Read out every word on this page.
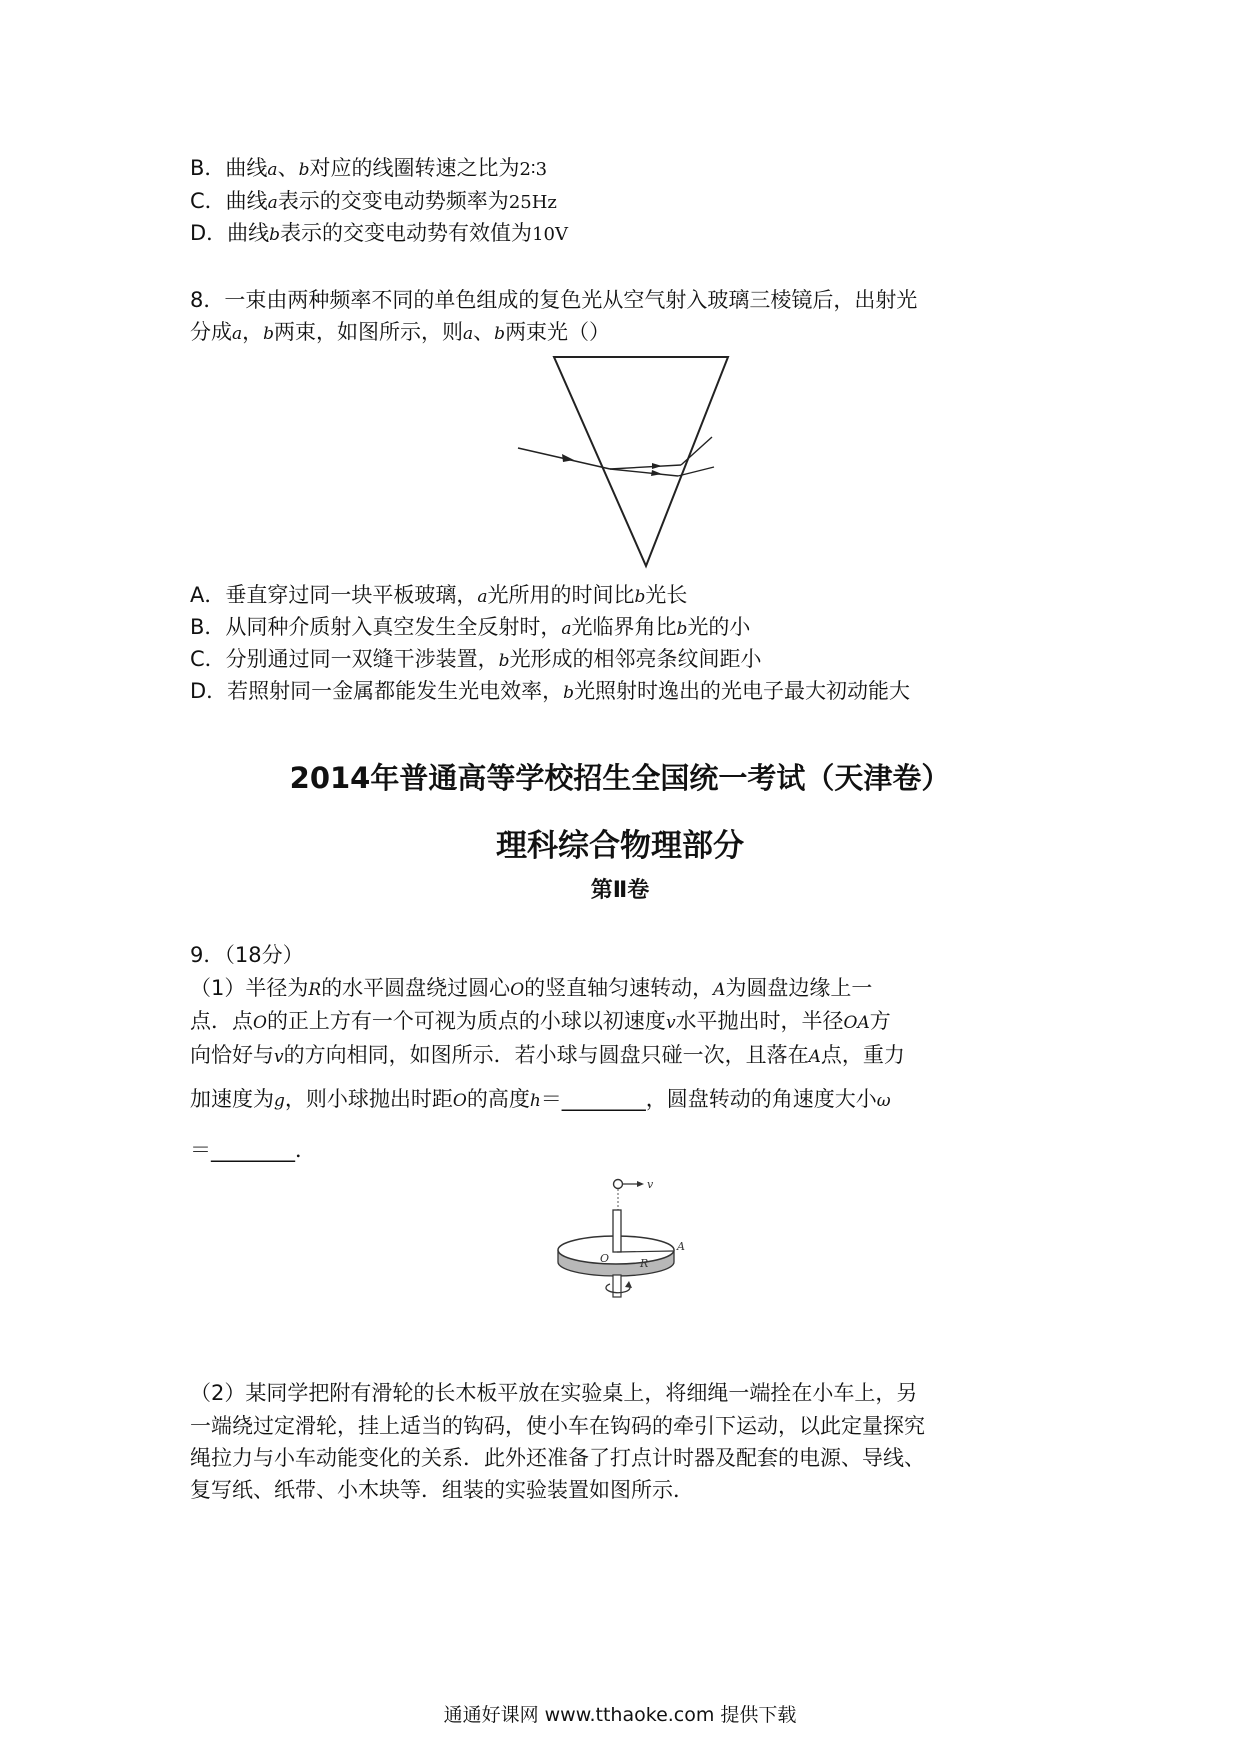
B．曲线a、b对应的线圈转速之比为2∶3
C．曲线a表示的交变电动势频率为25Hz
D．曲线b表示的交变电动势有效值为10V
8．一束由两种频率不同的单色组成的复色光从空气射入玻璃三棱镜后，出射光
分成a，b两束，如图所示，则a、b两束光（）
A．垂直穿过同一块平板玻璃，a光所用的时间比b光长
B．从同种介质射入真空发生全反射时，a光临界角比b光的小
C．分别通过同一双缝干涉装置，b光形成的相邻亮条纹间距小
D．若照射同一金属都能发生光电效率，b光照射时逸出的光电子最大初动能大
2014年普通高等学校招生全国统一考试（天津卷）
理科综合物理部分
第Ⅱ卷
9．（18分）
（1）半径为R的水平圆盘绕过圆心O的竖直轴匀速转动，A为圆盘边缘上一
点．点O的正上方有一个可视为质点的小球以初速度v水平抛出时，半径OA方
向恰好与v的方向相同，如图所示．若小球与圆盘只碰一次，且落在A点，重力
加速度为g，则小球抛出时距O的高度h＝________，圆盘转动的角速度大小ω
＝________．
v
O	R
A
（2）某同学把附有滑轮的长木板平放在实验桌上，将细绳一端拴在小车上，另
一端绕过定滑轮，挂上适当的钩码，使小车在钩码的牵引下运动，以此定量探究
绳拉力与小车动能变化的关系．此外还准备了打点计时器及配套的电源、导线、
复写纸、纸带、小木块等．组装的实验装置如图所示．
通通好课网 www.tthaoke.com 提供下载
